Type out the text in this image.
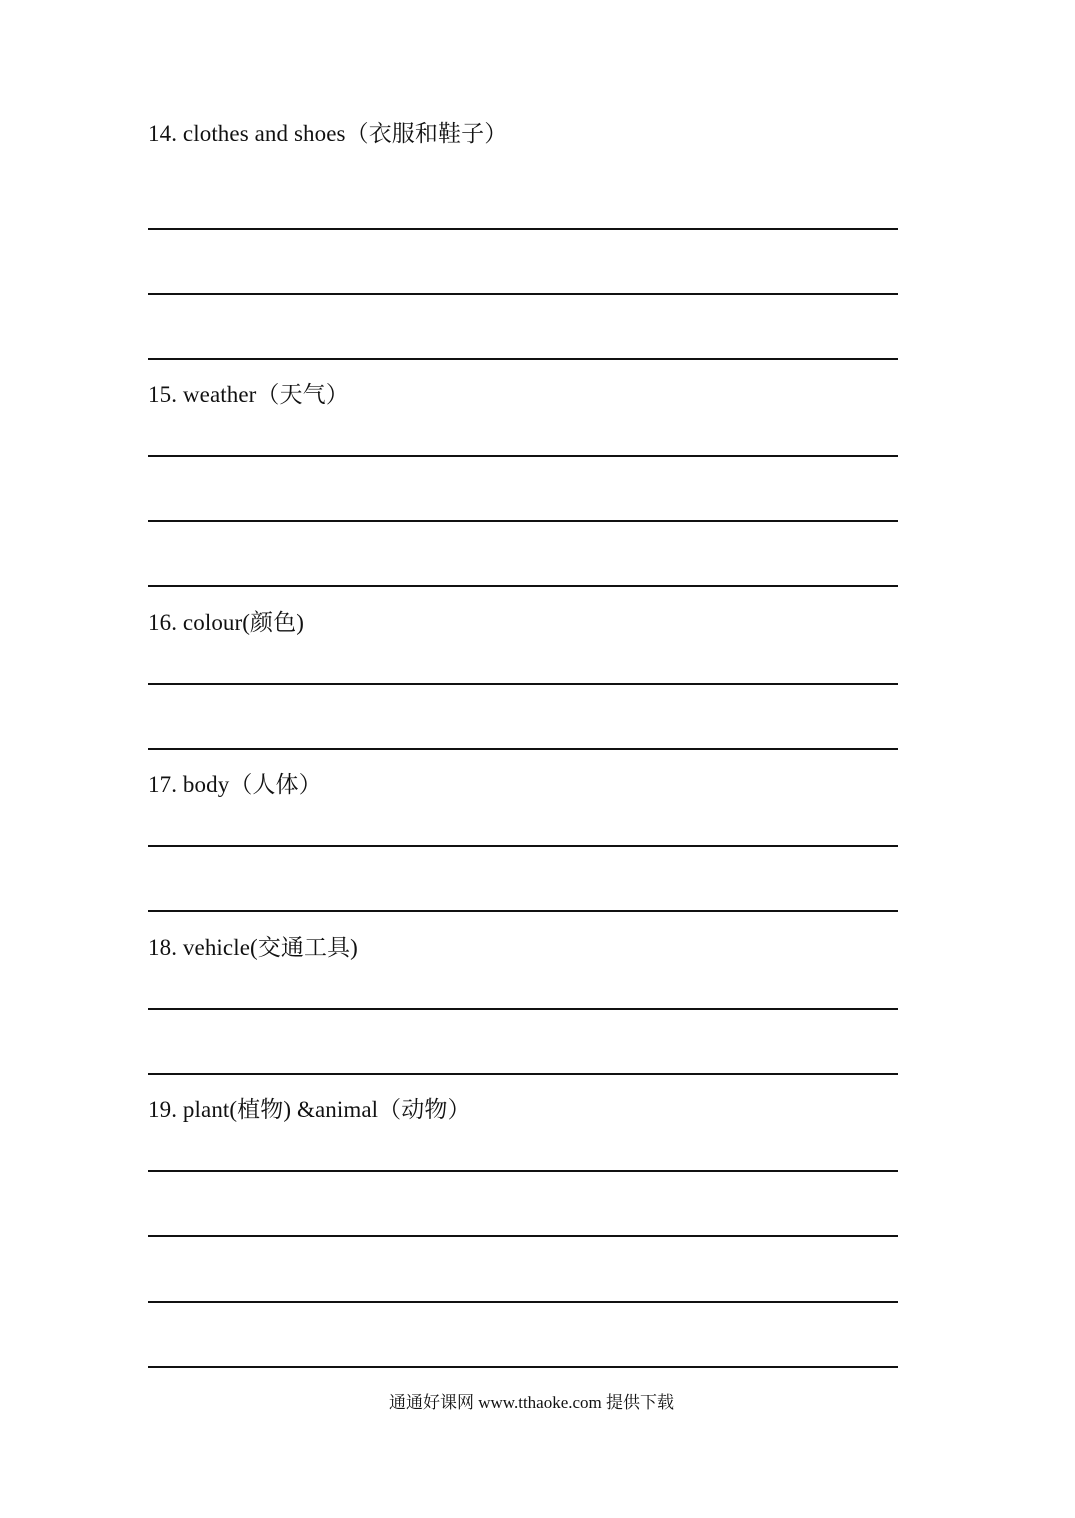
14. clothes and shoes（衣服和鞋子）
15. weather（天气）
16. colour(颜色)
17. body（人体）
18. vehicle(交通工具)
19. plant(植物) &animal（动物）
通通好课网 www.tthaoke.com 提供下载
